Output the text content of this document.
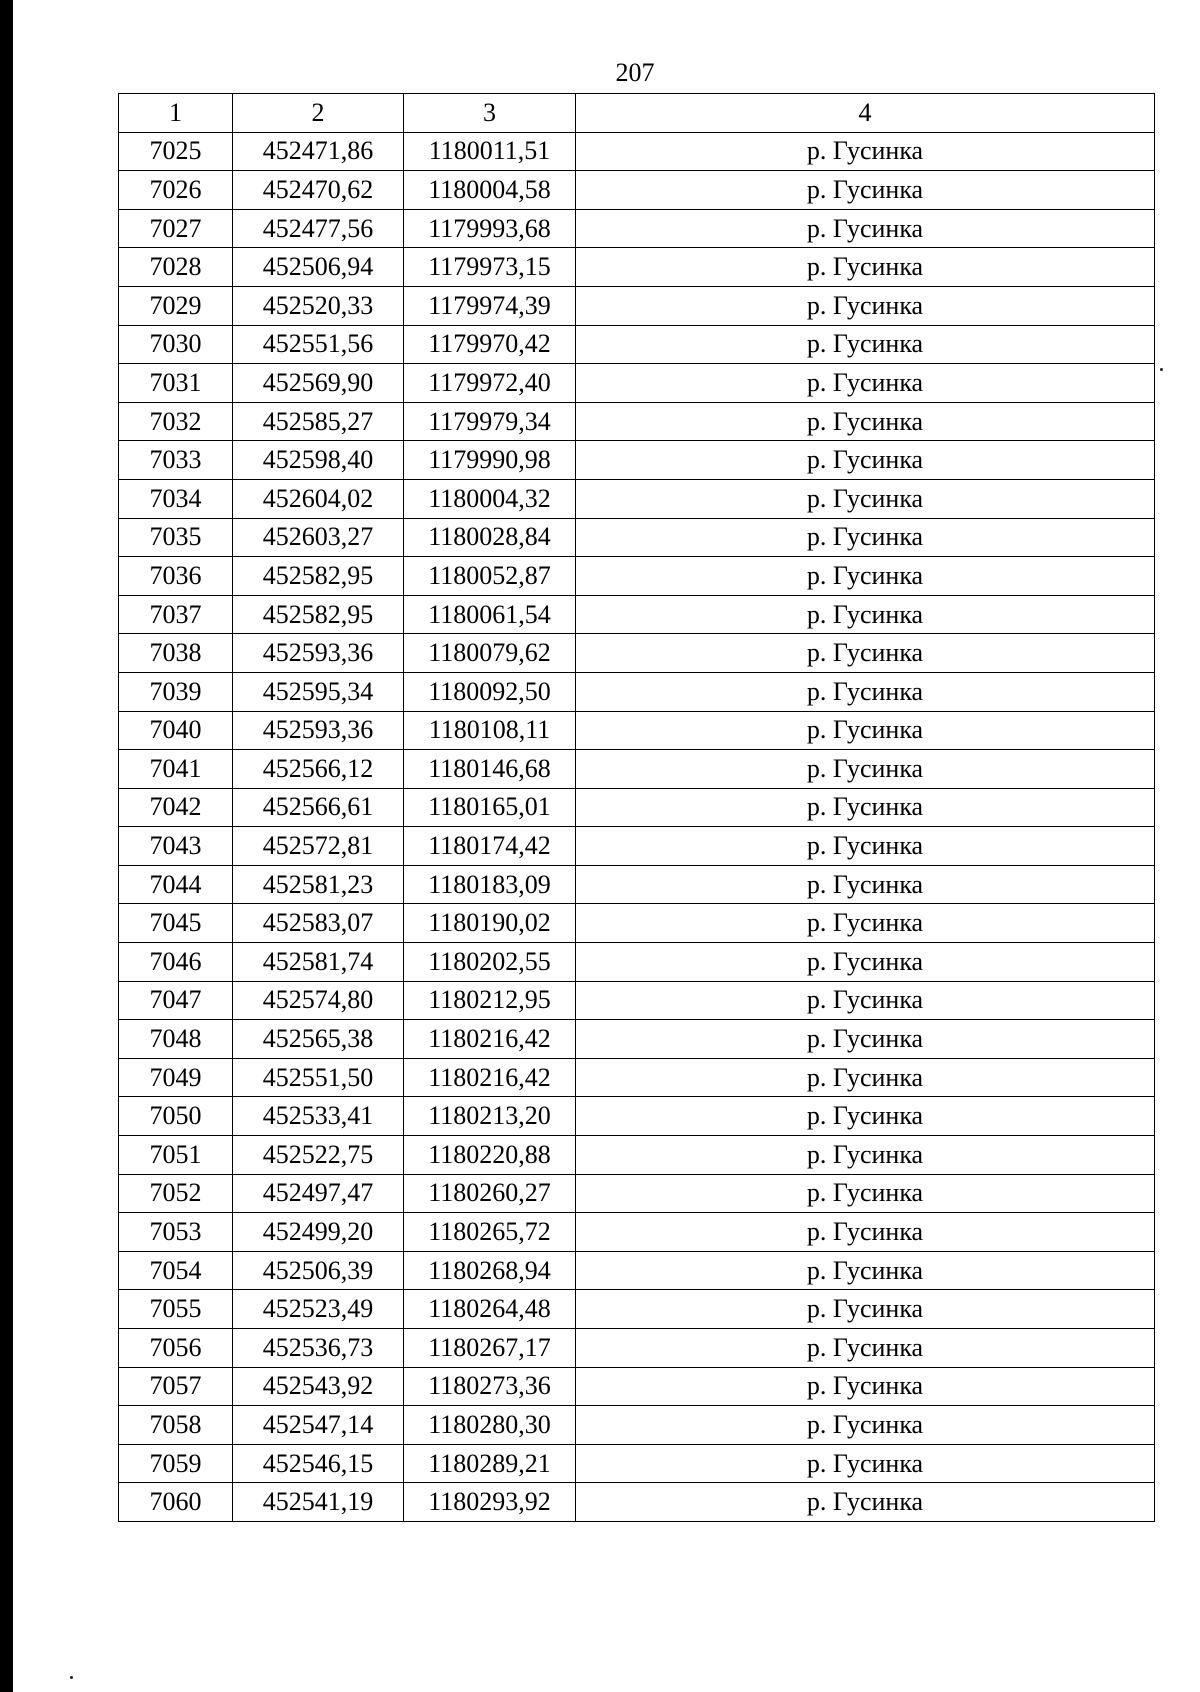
207
1	2	3	4
7025	452471,86	1180011,51	р. Гусинка
7026	452470,62	1180004,58	р. Гусинка
7027	452477,56	1179993,68	р. Гусинка
7028	452506,94	1179973,15	р. Гусинка
7029	452520,33	1179974,39	р. Гусинка
7030	452551,56	1179970,42	р. Гусинка
7031	452569,90	1179972,40	р. Гусинка
7032	452585,27	1179979,34	р. Гусинка
7033	452598,40	1179990,98	р. Гусинка
7034	452604,02	1180004,32	р. Гусинка
7035	452603,27	1180028,84	р. Гусинка
7036	452582,95	1180052,87	р. Гусинка
7037	452582,95	1180061,54	р. Гусинка
7038	452593,36	1180079,62	р. Гусинка
7039	452595,34	1180092,50	р. Гусинка
7040	452593,36	1180108,11	р. Гусинка
7041	452566,12	1180146,68	р. Гусинка
7042	452566,61	1180165,01	р. Гусинка
7043	452572,81	1180174,42	р. Гусинка
7044	452581,23	1180183,09	р. Гусинка
7045	452583,07	1180190,02	р. Гусинка
7046	452581,74	1180202,55	р. Гусинка
7047	452574,80	1180212,95	р. Гусинка
7048	452565,38	1180216,42	р. Гусинка
7049	452551,50	1180216,42	р. Гусинка
7050	452533,41	1180213,20	р. Гусинка
7051	452522,75	1180220,88	р. Гусинка
7052	452497,47	1180260,27	р. Гусинка
7053	452499,20	1180265,72	р. Гусинка
7054	452506,39	1180268,94	р. Гусинка
7055	452523,49	1180264,48	р. Гусинка
7056	452536,73	1180267,17	р. Гусинка
7057	452543,92	1180273,36	р. Гусинка
7058	452547,14	1180280,30	р. Гусинка
7059	452546,15	1180289,21	р. Гусинка
7060	452541,19	1180293,92	р. Гусинка
